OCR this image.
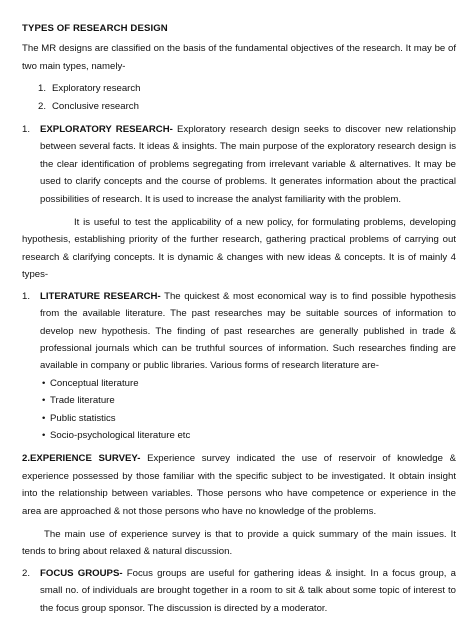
TYPES OF RESEARCH DESIGN

The MR designs are classified on the basis of the fundamental objectives of the research. It may be of two main types, namely-

1. Exploratory research
2. Conclusive research
1.	EXPLORATORY RESEARCH- Exploratory research design seeks to discover new relationship between several facts. It ideas & insights. The main purpose of the exploratory research design is the clear identification of problems segregating from irrelevant variable & alternatives. It may be used to clarify concepts and the course of problems. It generates information about the practical possibilities of research. It is used to increase the analyst familiarity with the problem.

It is useful to test the applicability of a new policy, for formulating problems, developing hypothesis, establishing priority of the further research, gathering practical problems of carrying out research & clarifying concepts. It is dynamic & changes with new ideas & concepts. It is of mainly 4 types-

1.	LITERATURE RESEARCH- The quickest & most economical way is to find possible hypothesis from the available literature. The past researches may be suitable sources of information to develop new hypothesis. The finding of past researches are generally published in trade & professional journals which can be truthful sources of information. Such researches finding are available in company or public libraries. Various forms of research literature are-
• Conceptual literature
• Trade literature
• Public statistics
• Socio-psychological literature etc

2.EXPERIENCE SURVEY- Experience survey indicated the use of reservoir of knowledge & experience possessed by those familiar with the specific subject to be investigated. It obtain insight into the relationship between variables. Those persons who have competence or experience in the area are approached & not those persons who have no knowledge of the problems.

The main use of experience survey is that to provide a quick summary of the main issues. It tends to bring about relaxed & natural discussion.

2.	FOCUS GROUPS- Focus groups are useful for gathering ideas & insight. In a focus group, a small no. of individuals are brought together in a room to sit & talk about some topic of interest to the focus group sponsor. The discussion is directed by a moderator.
